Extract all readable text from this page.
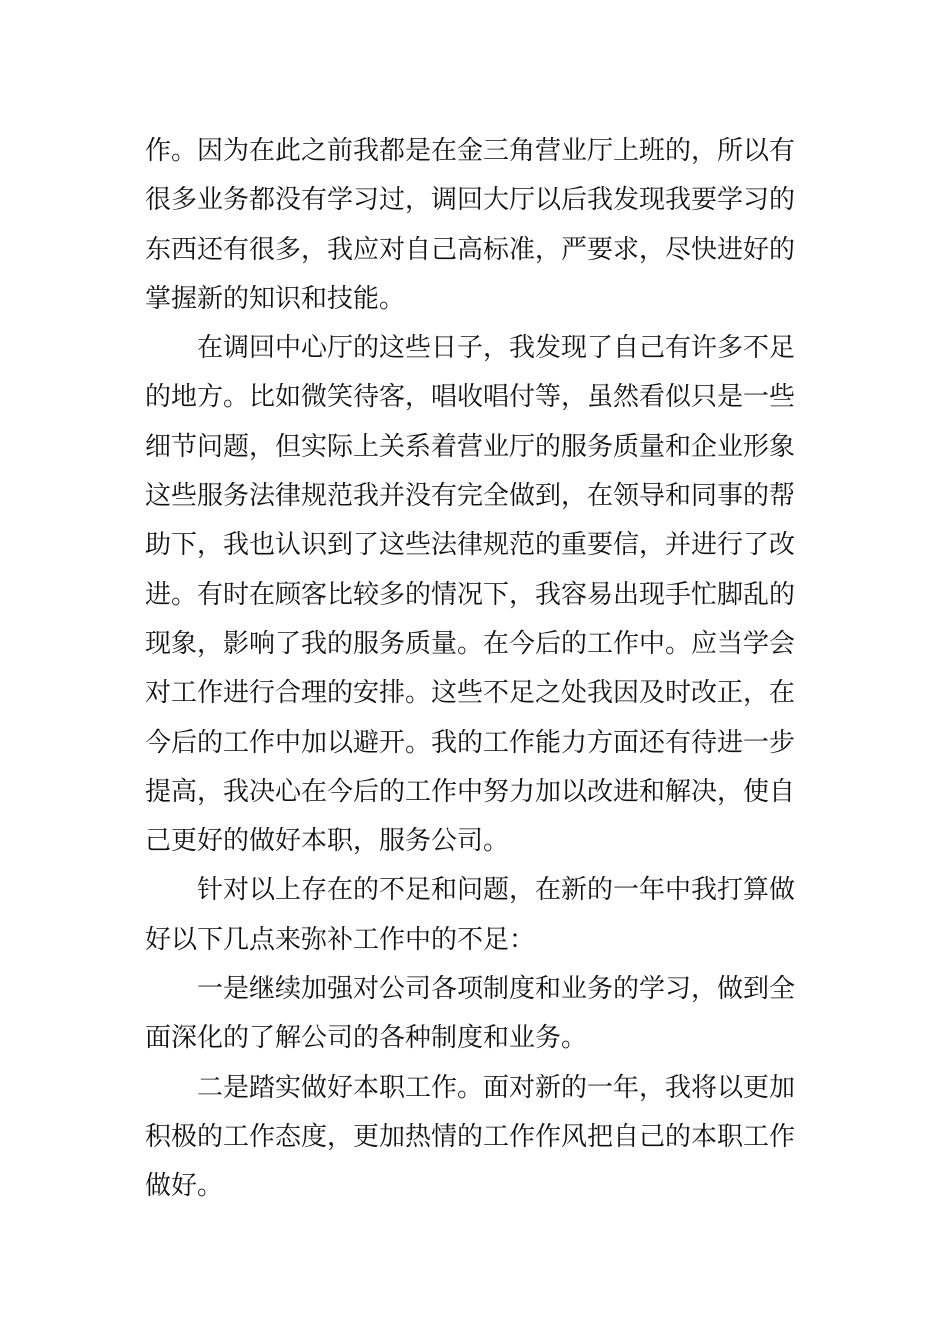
作。因为在此之前我都是在金三角营业厅上班的，所以有
很多业务都没有学习过，调回大厅以后我发现我要学习的
东西还有很多，我应对自己高标准，严要求，尽快进好的
掌握新的知识和技能。
　　在调回中心厅的这些日子，我发现了自己有许多不足
的地方。比如微笑待客，唱收唱付等，虽然看似只是一些
细节问题，但实际上关系着营业厅的服务质量和企业形象
这些服务法律规范我并没有完全做到，在领导和同事的帮
助下，我也认识到了这些法律规范的重要信，并进行了改
进。有时在顾客比较多的情况下，我容易出现手忙脚乱的
现象，影响了我的服务质量。在今后的工作中。应当学会
对工作进行合理的安排。这些不足之处我因及时改正，在
今后的工作中加以避开。我的工作能力方面还有待进一步
提高，我决心在今后的工作中努力加以改进和解决，使自
己更好的做好本职，服务公司。
　　针对以上存在的不足和问题，在新的一年中我打算做
好以下几点来弥补工作中的不足：
　　一是继续加强对公司各项制度和业务的学习，做到全
面深化的了解公司的各种制度和业务。
　　二是踏实做好本职工作。面对新的一年，我将以更加
积极的工作态度，更加热情的工作作风把自己的本职工作
做好。
